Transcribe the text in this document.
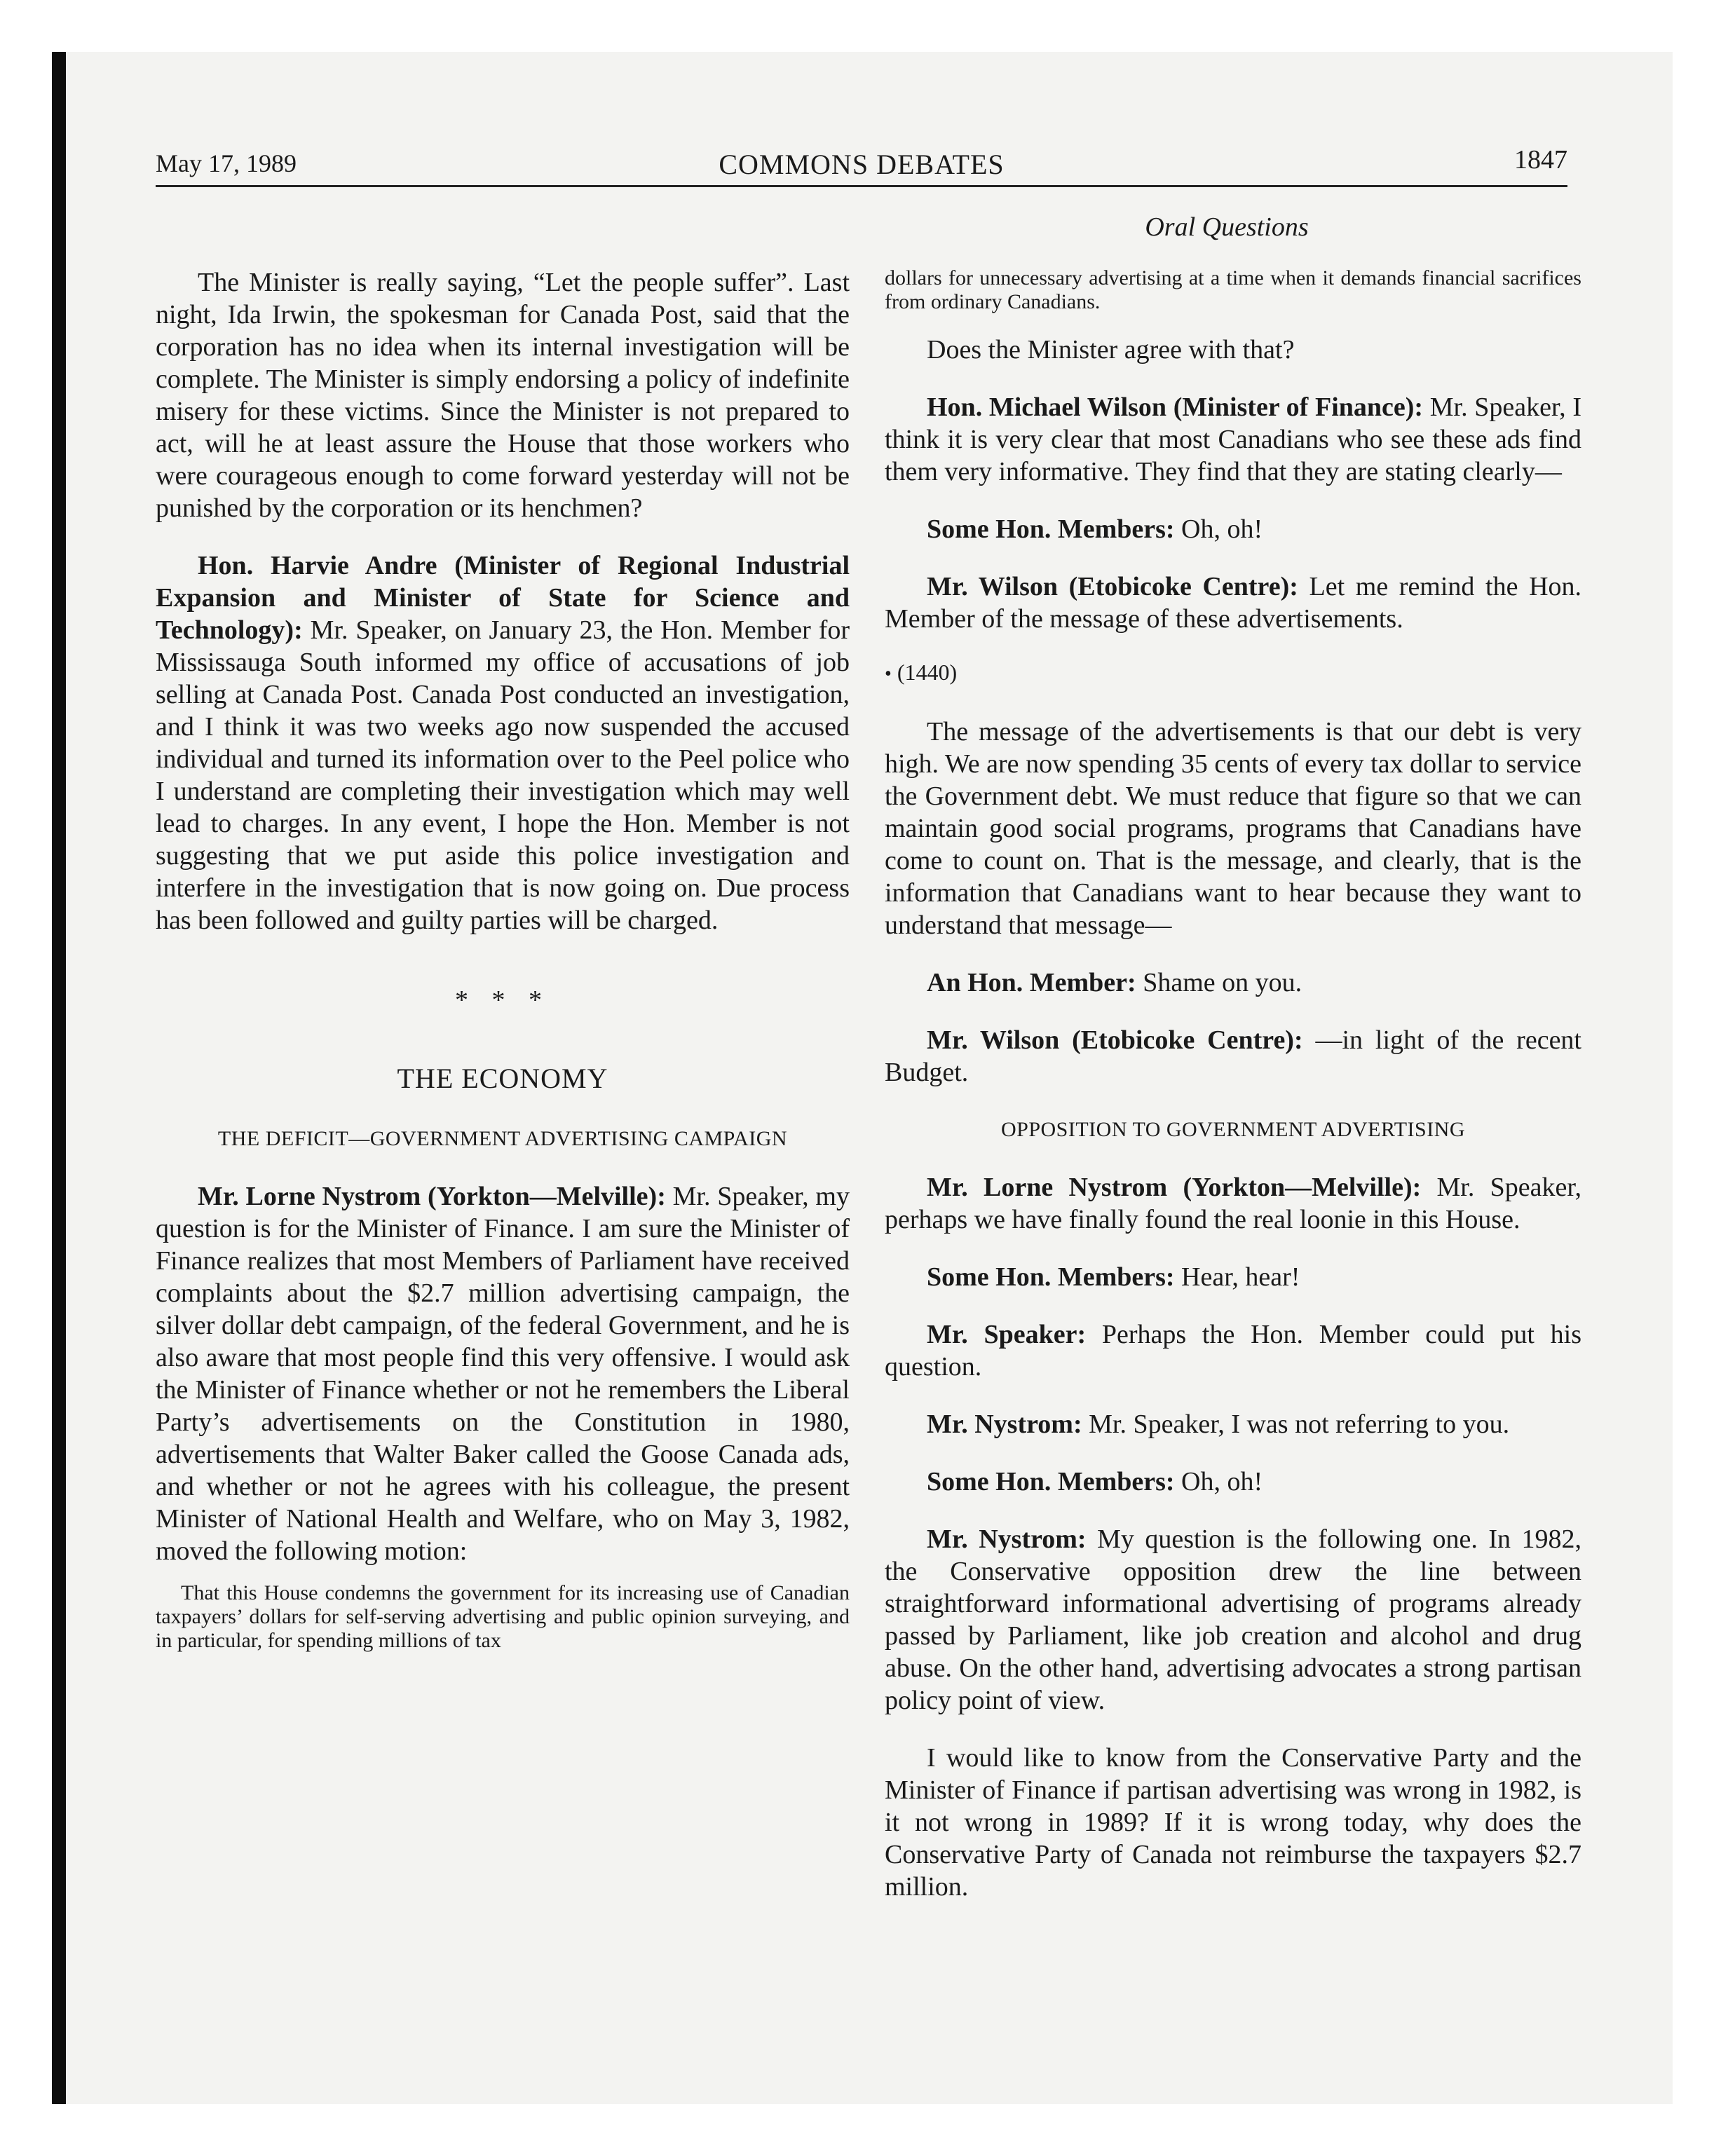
May 17, 1989	COMMONS DEBATES	1847
Oral Questions

The Minister is really saying, “Let the people suffer”. Last night, Ida Irwin, the spokesman for Canada Post, said that the corporation has no idea when its internal investigation will be complete. The Minister is simply endorsing a policy of indefinite misery for these victims. Since the Minister is not prepared to act, will he at least assure the House that those workers who were courageous enough to come forward yesterday will not be punished by the corporation or its henchmen?

Hon. Harvie Andre (Minister of Regional Industrial Expansion and Minister of State for Science and Technology): Mr. Speaker, on January 23, the Hon. Member for Mississauga South informed my office of accusations of job selling at Canada Post. Canada Post conducted an investigation, and I think it was two weeks ago now suspended the accused individual and turned its information over to the Peel police who I understand are completing their investigation which may well lead to charges. In any event, I hope the Hon. Member is not suggesting that we put aside this police investigation and interfere in the investigation that is now going on. Due process has been followed and guilty parties will be charged.

* * *
THE ECONOMY
THE DEFICIT—GOVERNMENT ADVERTISING CAMPAIGN

Mr. Lorne Nystrom (Yorkton—Melville): Mr. Speaker, my question is for the Minister of Finance. I am sure the Minister of Finance realizes that most Members of Parliament have received complaints about the $2.7 million advertising campaign, the silver dollar debt campaign, of the federal Government, and he is also aware that most people find this very offensive. I would ask the Minister of Finance whether or not he remembers the Liberal Party’s advertisements on the Constitution in 1980, advertisements that Walter Baker called the Goose Canada ads, and whether or not he agrees with his colleague, the present Minister of National Health and Welfare, who on May 3, 1982, moved the following motion:

That this House condemns the government for its increasing use of Canadian taxpayers’ dollars for self-serving advertising and public opinion surveying, and in particular, for spending millions of tax

dollars for unnecessary advertising at a time when it demands financial sacrifices from ordinary Canadians.

Does the Minister agree with that?

Hon. Michael Wilson (Minister of Finance): Mr. Speaker, I think it is very clear that most Canadians who see these ads find them very informative. They find that they are stating clearly—

Some Hon. Members: Oh, oh!

Mr. Wilson (Etobicoke Centre): Let me remind the Hon. Member of the message of these advertisements.

• (1440)

The message of the advertisements is that our debt is very high. We are now spending 35 cents of every tax dollar to service the Government debt. We must reduce that figure so that we can maintain good social programs, programs that Canadians have come to count on. That is the message, and clearly, that is the information that Canadians want to hear because they want to understand that message—

An Hon. Member: Shame on you.

Mr. Wilson (Etobicoke Centre): —in light of the recent Budget.

OPPOSITION TO GOVERNMENT ADVERTISING

Mr. Lorne Nystrom (Yorkton—Melville): Mr. Speaker, perhaps we have finally found the real loonie in this House.

Some Hon. Members: Hear, hear!

Mr. Speaker: Perhaps the Hon. Member could put his question.

Mr. Nystrom: Mr. Speaker, I was not referring to you.

Some Hon. Members: Oh, oh!

Mr. Nystrom: My question is the following one. In 1982, the Conservative opposition drew the line between straightforward informational advertising of programs already passed by Parliament, like job creation and alcohol and drug abuse. On the other hand, advertising advocates a strong partisan policy point of view.

I would like to know from the Conservative Party and the Minister of Finance if partisan advertising was wrong in 1982, is it not wrong in 1989? If it is wrong today, why does the Conservative Party of Canada not reimburse the taxpayers $2.7 million.
